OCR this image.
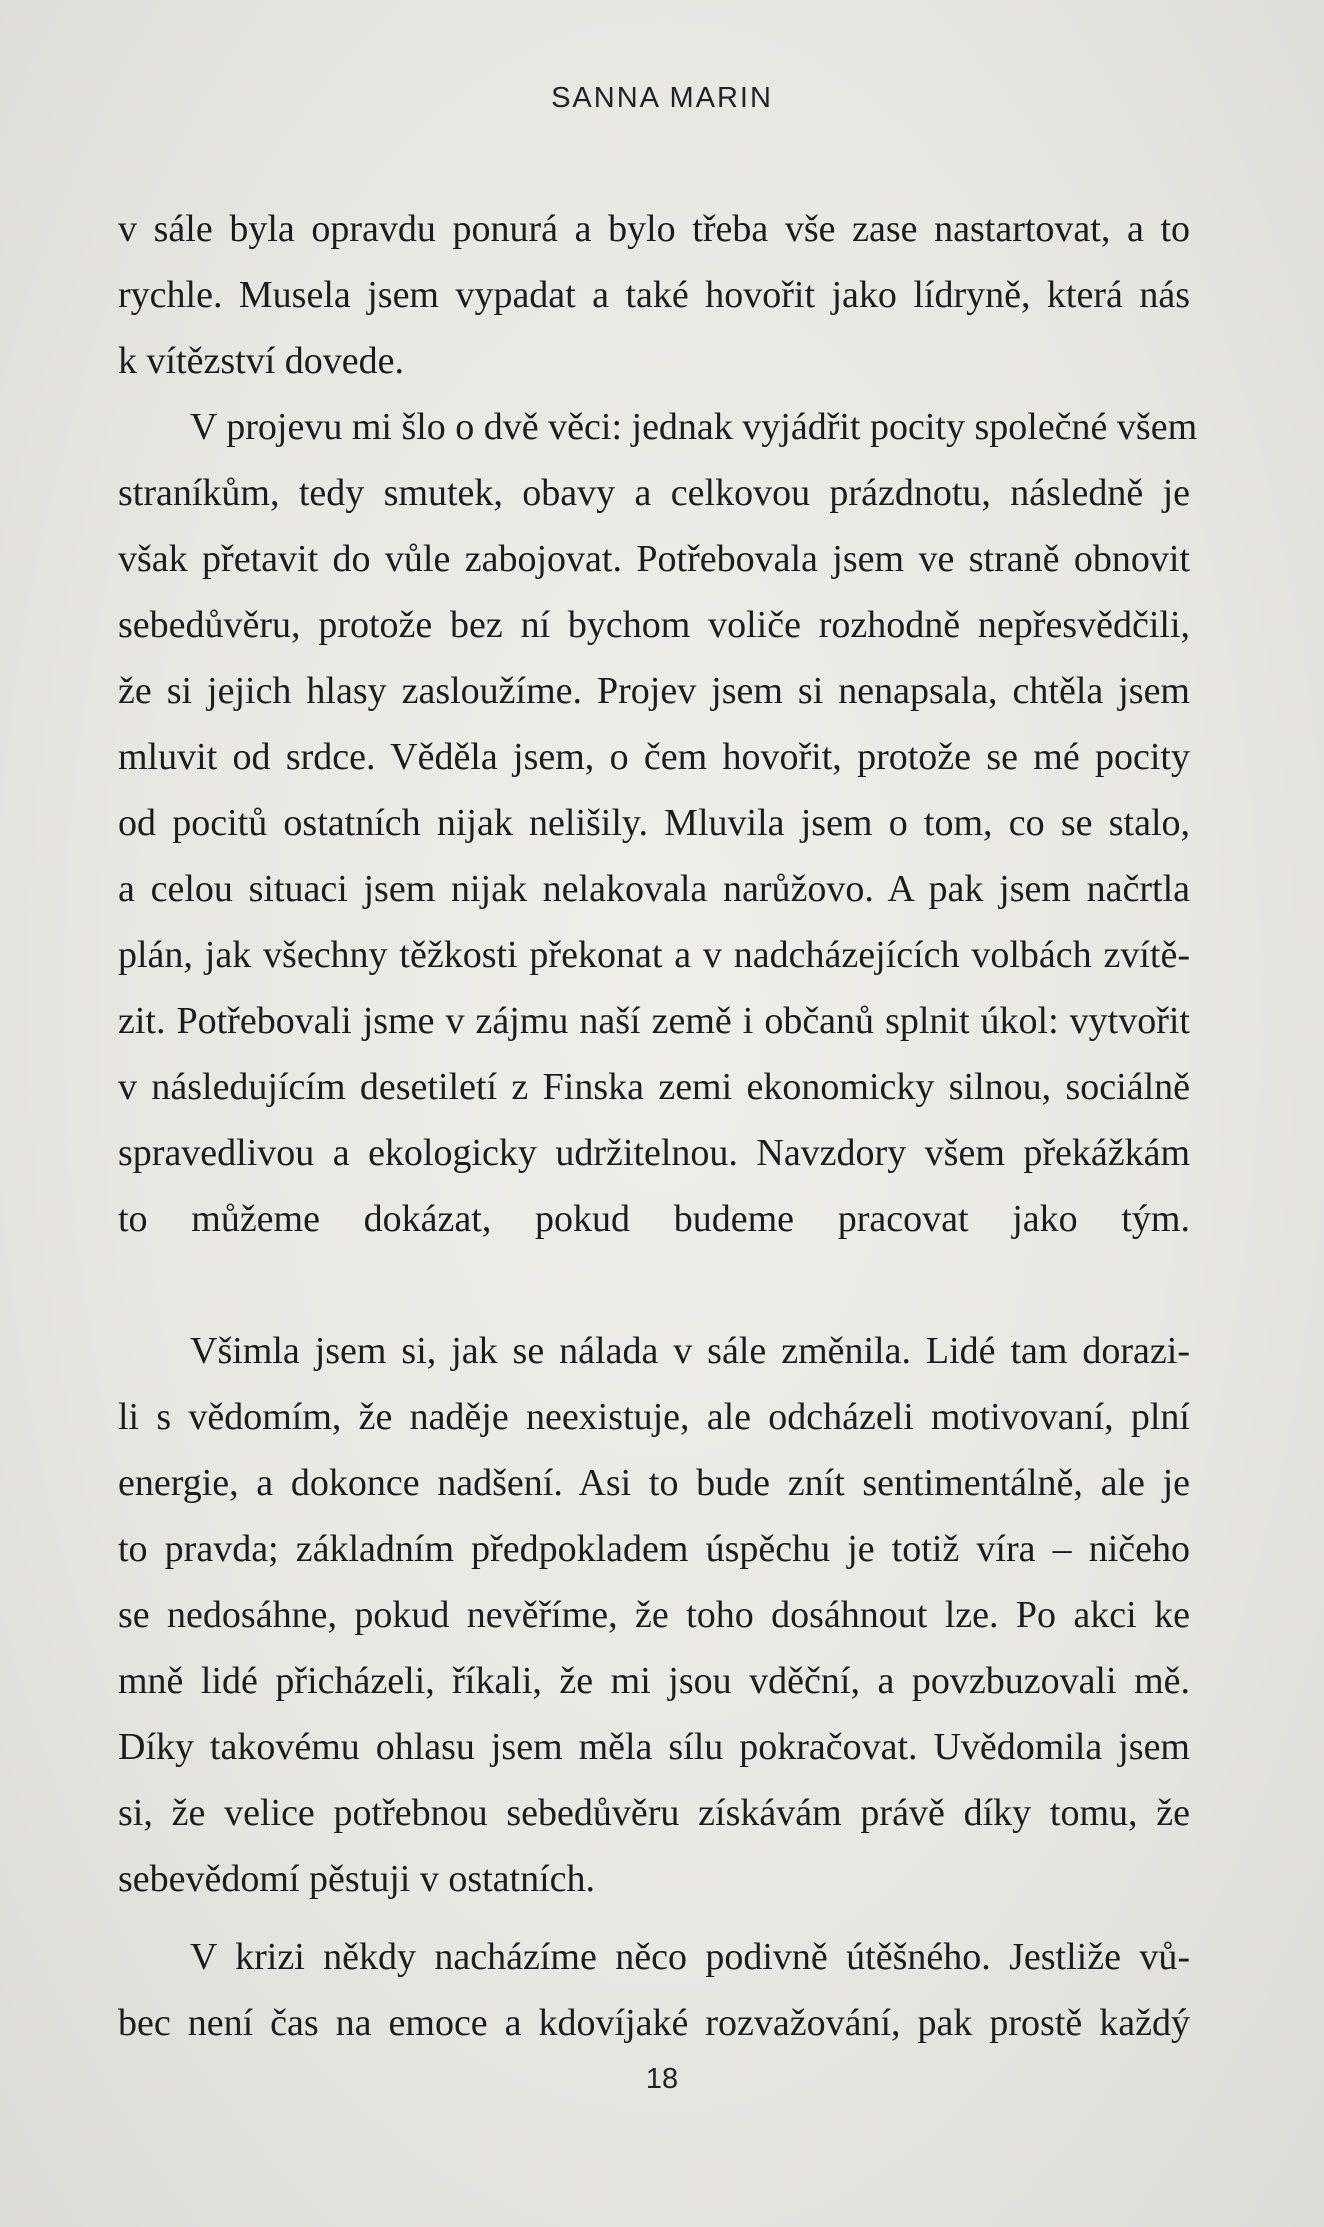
SANNA MARIN
v sále byla opravdu ponurá a bylo třeba vše zase nastartovat, a to
rychle. Musela jsem vypadat a také hovořit jako lídryně, která nás
k vítězství dovede.
V projevu mi šlo o dvě věci: jednak vyjádřit pocity společné všem
straníkům, tedy smutek, obavy a celkovou prázdnotu, následně je
však přetavit do vůle zabojovat. Potřebovala jsem ve straně obnovit
sebedůvěru, protože bez ní bychom voliče rozhodně nepřesvědčili,
že si jejich hlasy zasloužíme. Projev jsem si nenapsala, chtěla jsem
mluvit od srdce. Věděla jsem, o čem hovořit, protože se mé pocity
od pocitů ostatních nijak nelišily. Mluvila jsem o tom, co se stalo,
a celou situaci jsem nijak nelakovala narůžovo. A pak jsem načrtla
plán, jak všechny těžkosti překonat a v nadcházejících volbách zvítě-
zit. Potřebovali jsme v zájmu naší země i občanů splnit úkol: vytvořit
v následujícím desetiletí z Finska zemi ekonomicky silnou, sociálně
spravedlivou a ekologicky udržitelnou. Navzdory všem překážkám
to můžeme dokázat, pokud budeme pracovat jako tým.
Všimla jsem si, jak se nálada v sále změnila. Lidé tam dorazi-
li s vědomím, že naděje neexistuje, ale odcházeli motivovaní, plní
energie, a dokonce nadšení. Asi to bude znít sentimentálně, ale je
to pravda; základním předpokladem úspěchu je totiž víra – ničeho
se nedosáhne, pokud nevěříme, že toho dosáhnout lze. Po akci ke
mně lidé přicházeli, říkali, že mi jsou vděční, a povzbuzovali mě.
Díky takovému ohlasu jsem měla sílu pokračovat. Uvědomila jsem
si, že velice potřebnou sebedůvěru získávám právě díky tomu, že
sebevědomí pěstuji v ostatních.
V krizi někdy nacházíme něco podivně útěšného. Jestliže vů-
bec není čas na emoce a kdovíjaké rozvažování, pak prostě každý
18
